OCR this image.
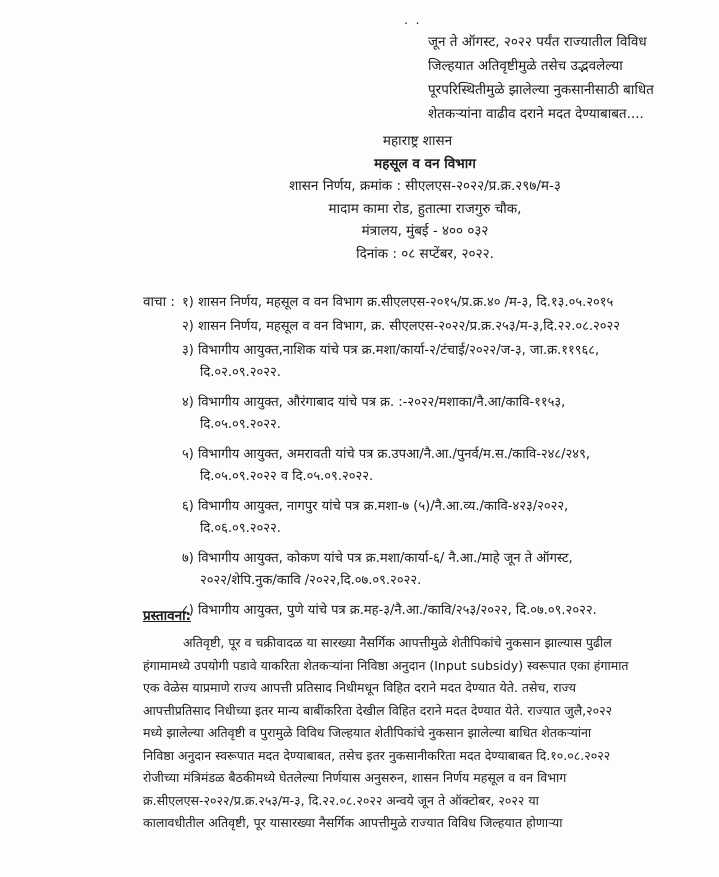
. .
जून ते ऑगस्ट, २०२२ पर्यंत राज्यातील विविध
जिल्हयात अतिवृष्टीमुळे तसेच उद्भवलेल्या
पूरपरिस्थितीमुळे झालेल्या नुकसानीसाठी बाधित
शेतकऱ्यांना वाढीव दराने मदत देण्याबाबत....
महाराष्ट्र शासन
महसूल व वन विभाग
शासन निर्णय, क्रमांक : सीएलएस-२०२२/प्र.क्र.२९७/म-३
मादाम कामा रोड, हुतात्मा राजगुरु चौक,
मंत्रालय, मुंबई - ४०० ०३२
दिनांक : ०८ सप्टेंबर, २०२२.
वाचा : १) शासन निर्णय, महसूल व वन विभाग क्र.सीएलएस-२०१५/प्र.क्र.४० /म-३, दि.१३.०५.२०१५
२) शासन निर्णय, महसूल व वन विभाग, क्र. सीएलएस-२०२२/प्र.क्र.२५३/म-३,दि.२२.०८.२०२२
३) विभागीय आयुक्त,नाशिक यांचे पत्र क्र.मशा/कार्या-२/टंचाई/२०२२/ज-३, जा.क्र.११९६८,
दि.०२.०९.२०२२.
४) विभागीय आयुक्त, औरंगाबाद यांचे पत्र क्र. :-२०२२/मशाका/नै.आ/कावि-११५३,
दि.०५.०९.२०२२.
५) विभागीय आयुक्त, अमरावती यांचे पत्र क्र.उपआ/नै.आ./पुनर्व/म.स./कावि-२४८/२४९,
दि.०५.०९.२०२२ व दि.०५.०९.२०२२.
६) विभागीय आयुक्त, नागपुर यांचे पत्र क्र.मशा-७ (५)/नै.आ.व्य./कावि-४२३/२०२२,
दि.०६.०९.२०२२.
७) विभागीय आयुक्त, कोकण यांचे पत्र क्र.मशा/कार्या-६/ नै.आ./माहे जून ते ऑगस्ट,
२०२२/शेपि.नुक/कावि /२०२२,दि.०७.०९.२०२२.
८) विभागीय आयुक्त, पुणे यांचे पत्र क्र.मह-३/नै.आ./कावि/२५३/२०२२, दि.०७.०९.२०२२.
प्रस्तावना:
अतिवृष्टी, पूर व चक्रीवादळ या सारख्या नैसर्गिक आपत्तीमुळे शेतीपिकांचे नुकसान झाल्यास पुढील
हंगामामध्ये उपयोगी पडावे याकरिता शेतकऱ्यांना निविष्ठा अनुदान (Input subsidy) स्वरूपात एका हंगामात
एक वेळेस याप्रमाणे राज्य आपत्ती प्रतिसाद निधीमधून विहित दराने मदत देण्यात येते. तसेच, राज्य
आपत्तीप्रतिसाद निधीच्या इतर मान्य बाबींकरिता देखील विहित दराने मदत देण्यात येते. राज्यात जुलै,२०२२
मध्ये झालेल्या अतिवृष्टी व पुरामुळे विविध जिल्हयात शेतीपिकांचे नुकसान झालेल्या बाधित शेतकऱ्यांना
निविष्ठा अनुदान स्वरूपात मदत देण्याबाबत, तसेच इतर नुकसानीकरिता मदत देण्याबाबत दि.१०.०८.२०२२
रोजीच्या मंत्रिमंडळ बैठकीमध्ये घेतलेल्या निर्णयास अनुसरुन, शासन निर्णय महसूल व वन विभाग
क्र.सीएलएस-२०२२/प्र.क्र.२५३/म-३, दि.२२.०८.२०२२ अन्वये जून ते ऑक्टोबर, २०२२ या
कालावधीतील अतिवृष्टी, पूर यासारख्या नैसर्गिक आपत्तीमुळे राज्यात विविध जिल्हयात होणाऱ्या
